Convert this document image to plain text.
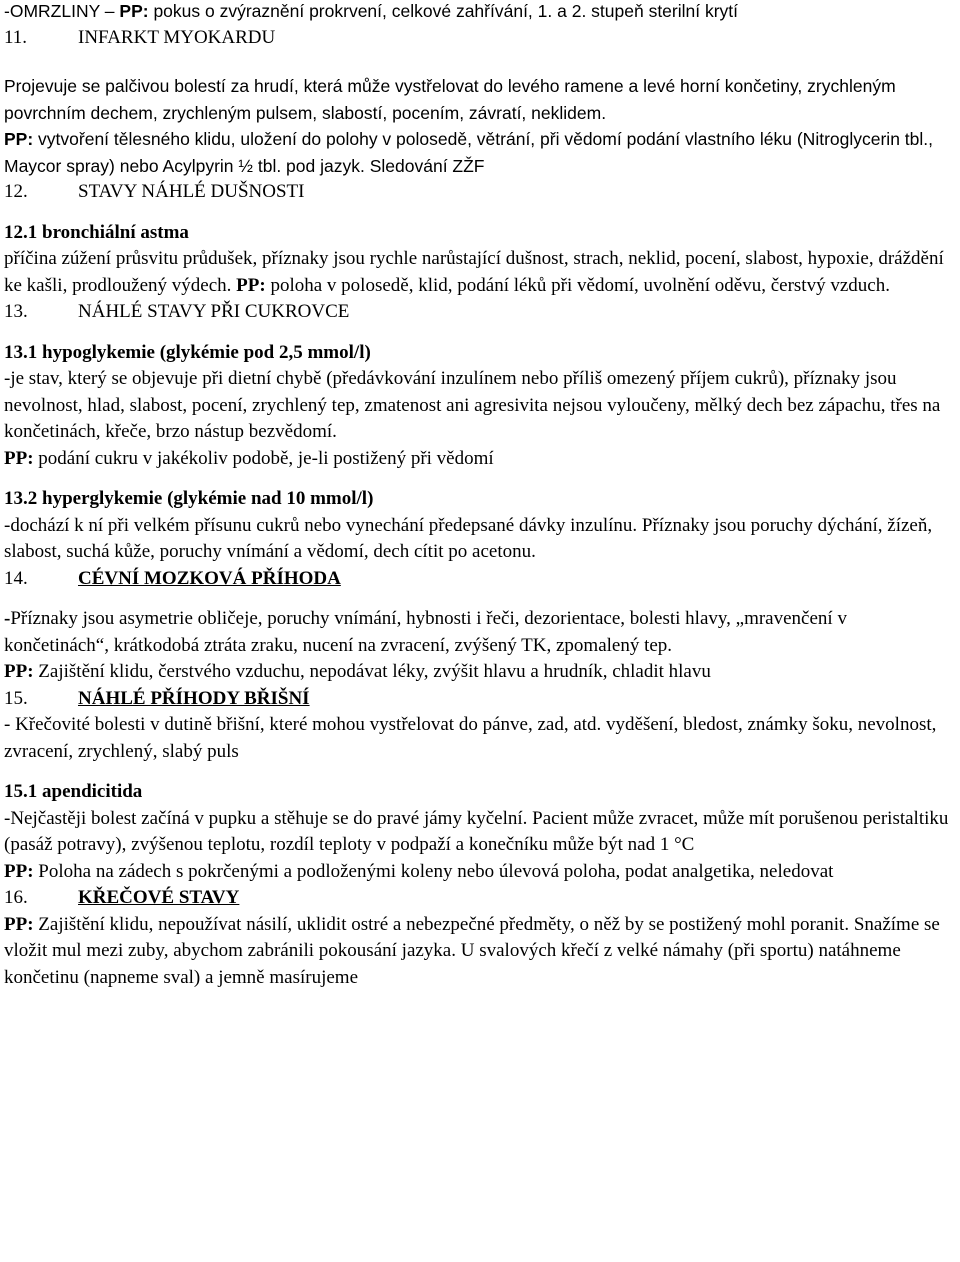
-OMRZLINY – PP: pokus o zvýraznění prokrvení, celkové zahřívání, 1. a 2. stupeň sterilní krytí

11.	INFARKT MYOKARDU

Projevuje se palčivou bolestí za hrudí, která může vystřelovat do levého ramene a levé horní končetiny, zrychleným povrchním dechem, zrychleným pulsem, slabostí, pocením, závratí, neklidem.

PP: vytvoření tělesného klidu, uložení do polohy v polosedě, větrání, při vědomí podání vlastního léku (Nitroglycerin tbl., Maycor spray) nebo Acylpyrin ½ tbl. pod jazyk. Sledování ZŽF

12.	STAVY NÁHLÉ DUŠNOSTI

12.1 bronchiální astma

příčina zúžení průsvitu průdušek, příznaky jsou rychle narůstající dušnost, strach, neklid, pocení, slabost, hypoxie, dráždění ke kašli, prodloužený výdech. PP: poloha v polosedě, klid, podání léků při vědomí, uvolnění oděvu, čerstvý vzduch.

13.	NÁHLÉ STAVY PŘI CUKROVCE

13.1 hypoglykemie (glykémie pod 2,5 mmol/l)

-je stav, který se objevuje při dietní chybě (předávkování inzulínem nebo příliš omezený příjem cukrů), příznaky jsou nevolnost, hlad, slabost, pocení, zrychlený tep, zmatenost ani agresivita nejsou vyloučeny, mělký dech bez zápachu, třes na končetinách, křeče, brzo nástup bezvědomí.

PP: podání cukru v jakékoliv podobě, je-li postižený při vědomí

13.2 hyperglykemie (glykémie nad 10 mmol/l)

-dochází k ní při velkém přísunu cukrů nebo vynechání předepsané dávky inzulínu. Příznaky jsou poruchy dýchání, žízeň, slabost, suchá kůže, poruchy vnímání a vědomí, dech cítit po acetonu.

14.	CÉVNÍ MOZKOVÁ PŘÍHODA

-Příznaky jsou asymetrie obličeje, poruchy vnímání, hybnosti i řeči, dezorientace, bolesti hlavy, „mravenčení v končetinách“, krátkodobá ztráta zraku, nucení na zvracení, zvýšený TK, zpomalený tep.

PP: Zajištění klidu, čerstvého vzduchu, nepodávat léky, zvýšit hlavu a hrudník, chladit hlavu

15.	NÁHLÉ PŘÍHODY BŘIŠNÍ

- Křečovité bolesti v dutině břišní, které mohou vystřelovat do pánve, zad, atd. vyděšení, bledost, známky šoku, nevolnost, zvracení, zrychlený, slabý puls

15.1 apendicitida

-Nejčastěji bolest začíná v pupku a stěhuje se do pravé jámy kyčelní. Pacient může zvracet, může mít porušenou peristaltiku (pasáž potravy), zvýšenou teplotu, rozdíl teploty v podpaží a konečníku může být nad 1 °C

PP: Poloha na zádech s pokrčenými a podloženými koleny nebo úlevová poloha, podat analgetika, neledovat

16.	KŘEČOVÉ STAVY

PP: Zajištění klidu, nepoužívat násilí, uklidit ostré a nebezpečné předměty, o něž by se postižený mohl poranit. Snažíme se vložit mul mezi zuby, abychom zabránili pokousání jazyka. U svalových křečí z velké námahy (při sportu) natáhneme končetinu (napneme sval) a jemně masírujeme
